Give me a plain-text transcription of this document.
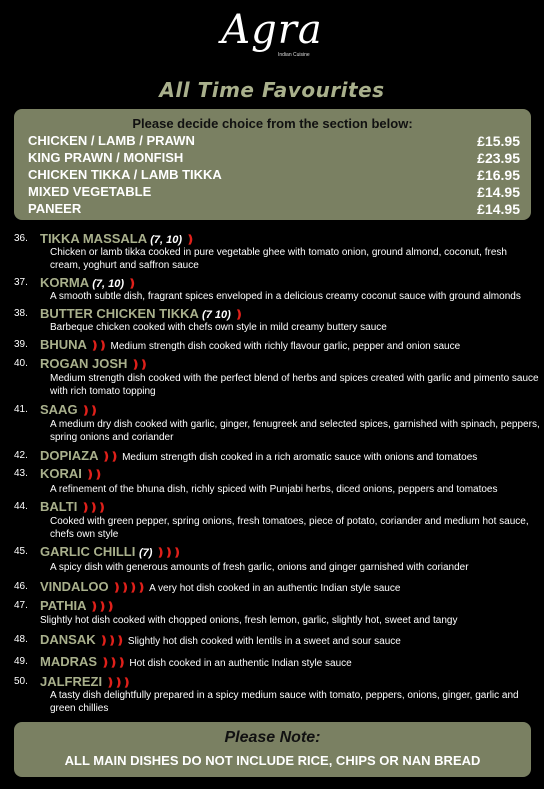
Agra
Indian Cuisine
All Time Favourites
Please decide choice from the section below:
CHICKEN / LAMB / PRAWN	£15.95
KING PRAWN / MONFISH	£23.95
CHICKEN TIKKA / LAMB TIKKA	£16.95
MIXED VEGETABLE	£14.95
PANEER	£14.95
36. TIKKA MASSALA (7, 10) ❫
Chicken or lamb tikka cooked in pure vegetable ghee with tomato onion, ground almond, coconut, fresh cream, yoghurt and saffron sauce
37. KORMA (7, 10) ❫
A smooth subtle dish, fragrant spices enveloped in a delicious creamy coconut sauce with ground almonds
38. BUTTER CHICKEN TIKKA (7 10) ❫
Barbeque chicken cooked with chefs own style in mild creamy buttery sauce
39. BHUNA ❫❫ Medium strength dish cooked with richly flavour garlic, pepper and onion sauce
40. ROGAN JOSH ❫❫
Medium strength dish cooked with the perfect blend of herbs and spices created with garlic and pimento sauce with rich tomato topping
41. SAAG ❫❫
A medium dry dish cooked with garlic, ginger, fenugreek and selected spices, garnished with spinach, peppers, spring onions and coriander
42. DOPIAZA ❫❫ Medium strength dish cooked in a rich aromatic sauce with onions and tomatoes
43. KORAI ❫❫
A refinement of the bhuna dish, richly spiced with Punjabi herbs, diced onions, peppers and tomatoes
44. BALTI ❫❫❫
Cooked with green pepper, spring onions, fresh tomatoes, piece of potato, coriander and medium hot sauce, chefs own style
45. GARLIC CHILLI (7) ❫❫❫
A spicy dish with generous amounts of fresh garlic, onions and ginger garnished with coriander
46. VINDALOO ❫❫❫❫ A very hot dish cooked in an authentic Indian style sauce
47. PATHIA ❫❫❫
Slightly hot dish cooked with chopped onions, fresh lemon, garlic, slightly hot, sweet and tangy
48. DANSAK ❫❫❫ Slightly hot dish cooked with lentils in a sweet and sour sauce
49. MADRAS ❫❫❫ Hot dish cooked in an authentic Indian style sauce
50. JALFREZI ❫❫❫
A tasty dish delightfully prepared in a spicy medium sauce with tomato, peppers, onions, ginger, garlic and green chillies
Please Note:
ALL MAIN DISHES DO NOT INCLUDE RICE, CHIPS OR NAN BREAD
